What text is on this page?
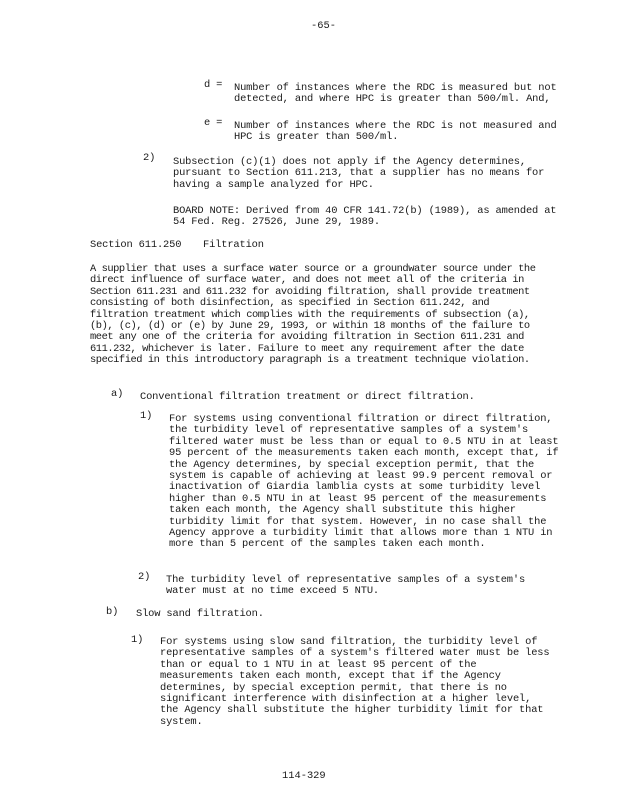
-65-
d = Number of instances where the RDC is measured but not
detected, and where HPC is greater than 500/ml. And,
e = Number of instances where the RDC is not measured and
HPC is greater than 500/ml.
2) Subsection (c)(1) does not apply if the Agency determines,
pursuant to Section 611.213, that a supplier has no means for
having a sample analyzed for HPC.
BOARD NOTE: Derived from 40 CFR 141.72(b) (1989), as amended at
54 Fed. Reg. 27526, June 29, 1989.
Section 611.250 Filtration
A supplier that uses a surface water source or a groundwater source under the
direct influence of surface water, and does not meet all of the criteria in
Section 611.231 and 611.232 for avoiding filtration, shall provide treatment
consisting of both disinfection, as specified in Section 611.242, and
filtration treatment which complies with the requirements of subsection (a),
(b), (c), (d) or (e) by June 29, 1993, or within 18 months of the failure to
meet any one of the criteria for avoiding filtration in Section 611.231 and
611.232, whichever is later. Failure to meet any requirement after the date
specified in this introductory paragraph is a treatment technique violation.
a) Conventional filtration treatment or direct filtration.
1) For systems using conventional filtration or direct filtration,
the turbidity level of representative samples of a system's
filtered water must be less than or equal to 0.5 NTU in at least
95 percent of the measurements taken each month, except that, if
the Agency determines, by special exception permit, that the
system is capable of achieving at least 99.9 percent removal or
inactivation of Giardia lamblia cysts at some turbidity level
higher than 0.5 NTU in at least 95 percent of the measurements
taken each month, the Agency shall substitute this higher
turbidity limit for that system. However, in no case shall the
Agency approve a turbidity limit that allows more than 1 NTU in
more than 5 percent of the samples taken each month.
2) The turbidity level of representative samples of a system's
water must at no time exceed 5 NTU.
b) Slow sand filtration.
1) For systems using slow sand filtration, the turbidity level of
representative samples of a system's filtered water must be less
than or equal to 1 NTU in at least 95 percent of the
measurements taken each month, except that if the Agency
determines, by special exception permit, that there is no
significant interference with disinfection at a higher level,
the Agency shall substitute the higher turbidity limit for that
system.
114-329
